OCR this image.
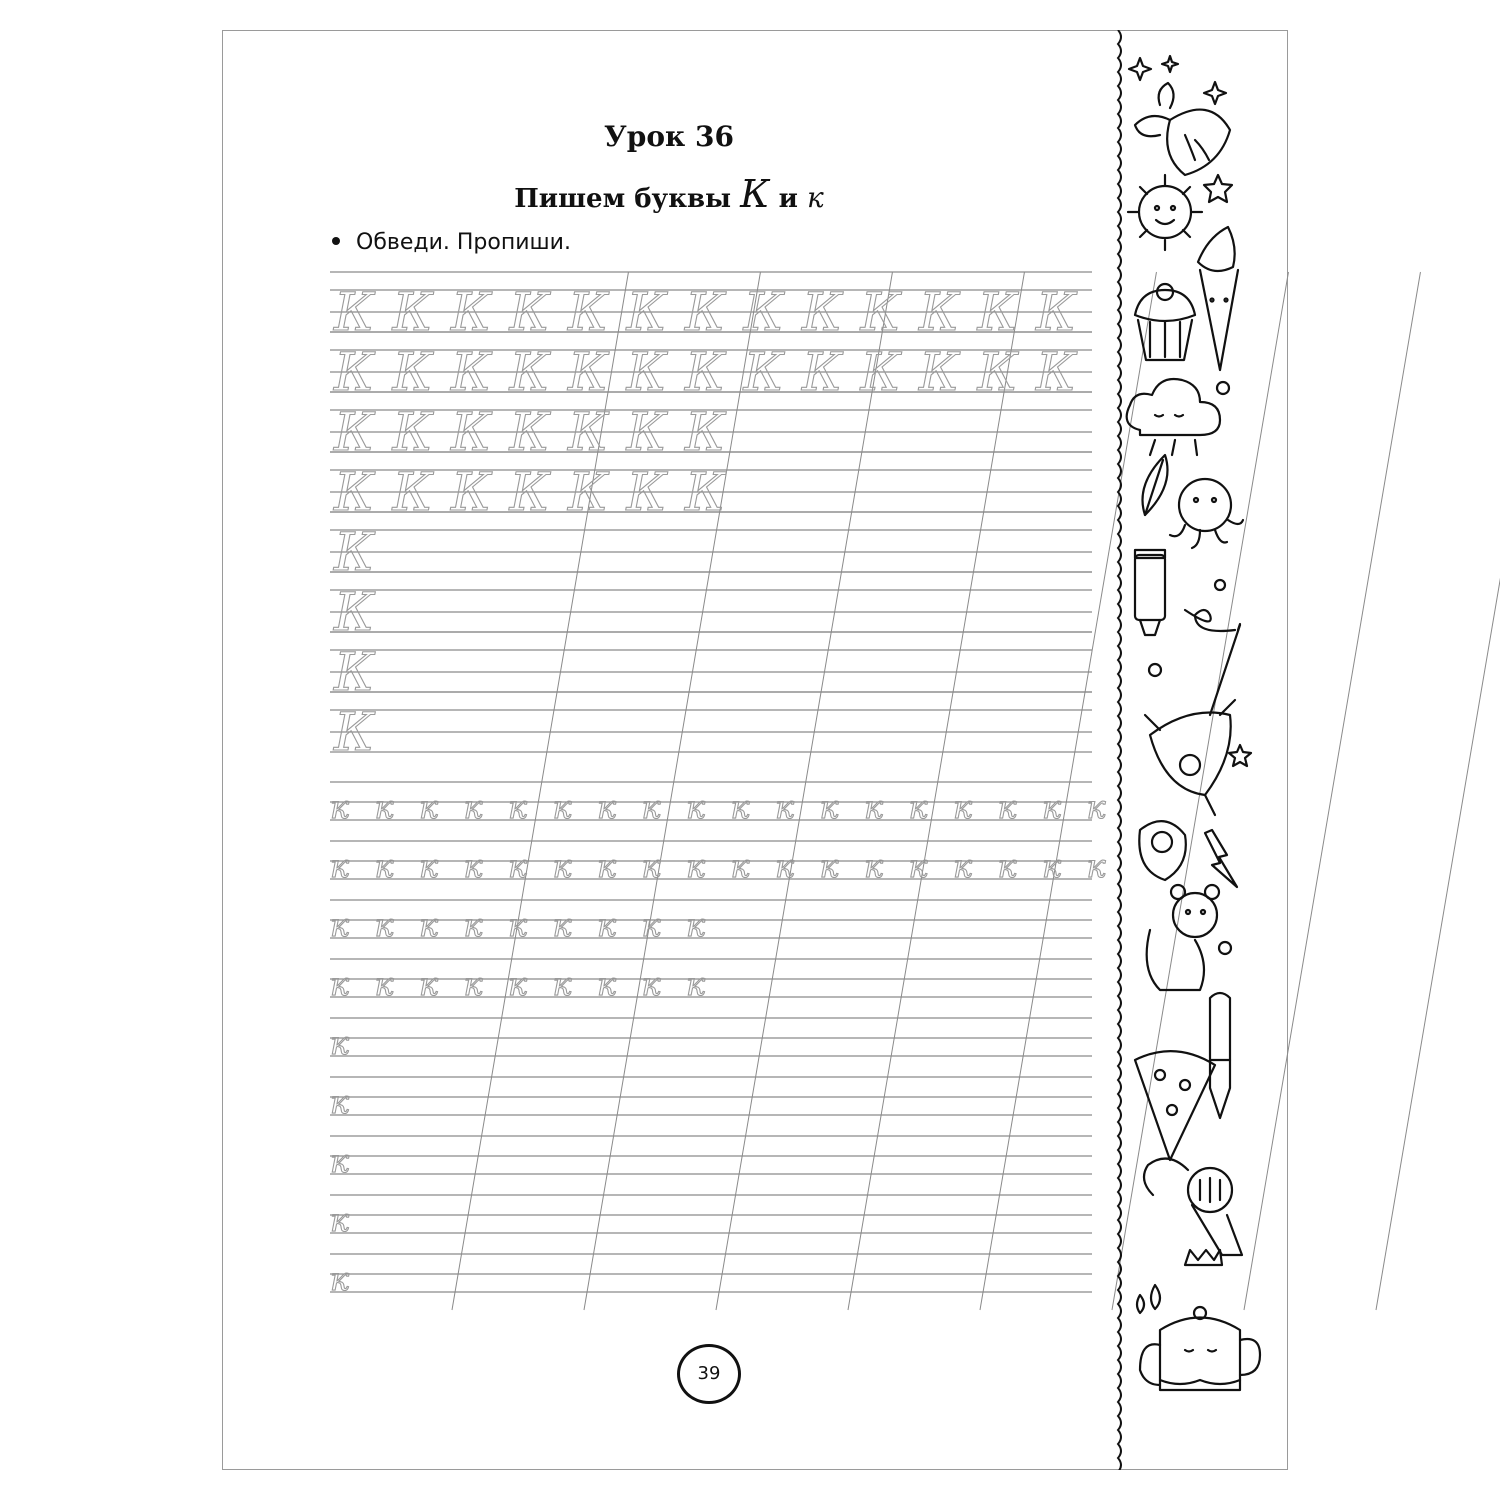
Урок 36
Пишем буквы К и к
Обведи. Пропиши.
К К К К К К К К К К К К К
К К К К К К К К К К К К К
К К К К К К К
К К К К К К К
К
К
К
К
к к к к к к к к к к к к к к к к к к
к к к к к к к к к к к к к к к к к к
к к к к к к к к к
к к к к к к к к к
к
к
к
к
к
39
